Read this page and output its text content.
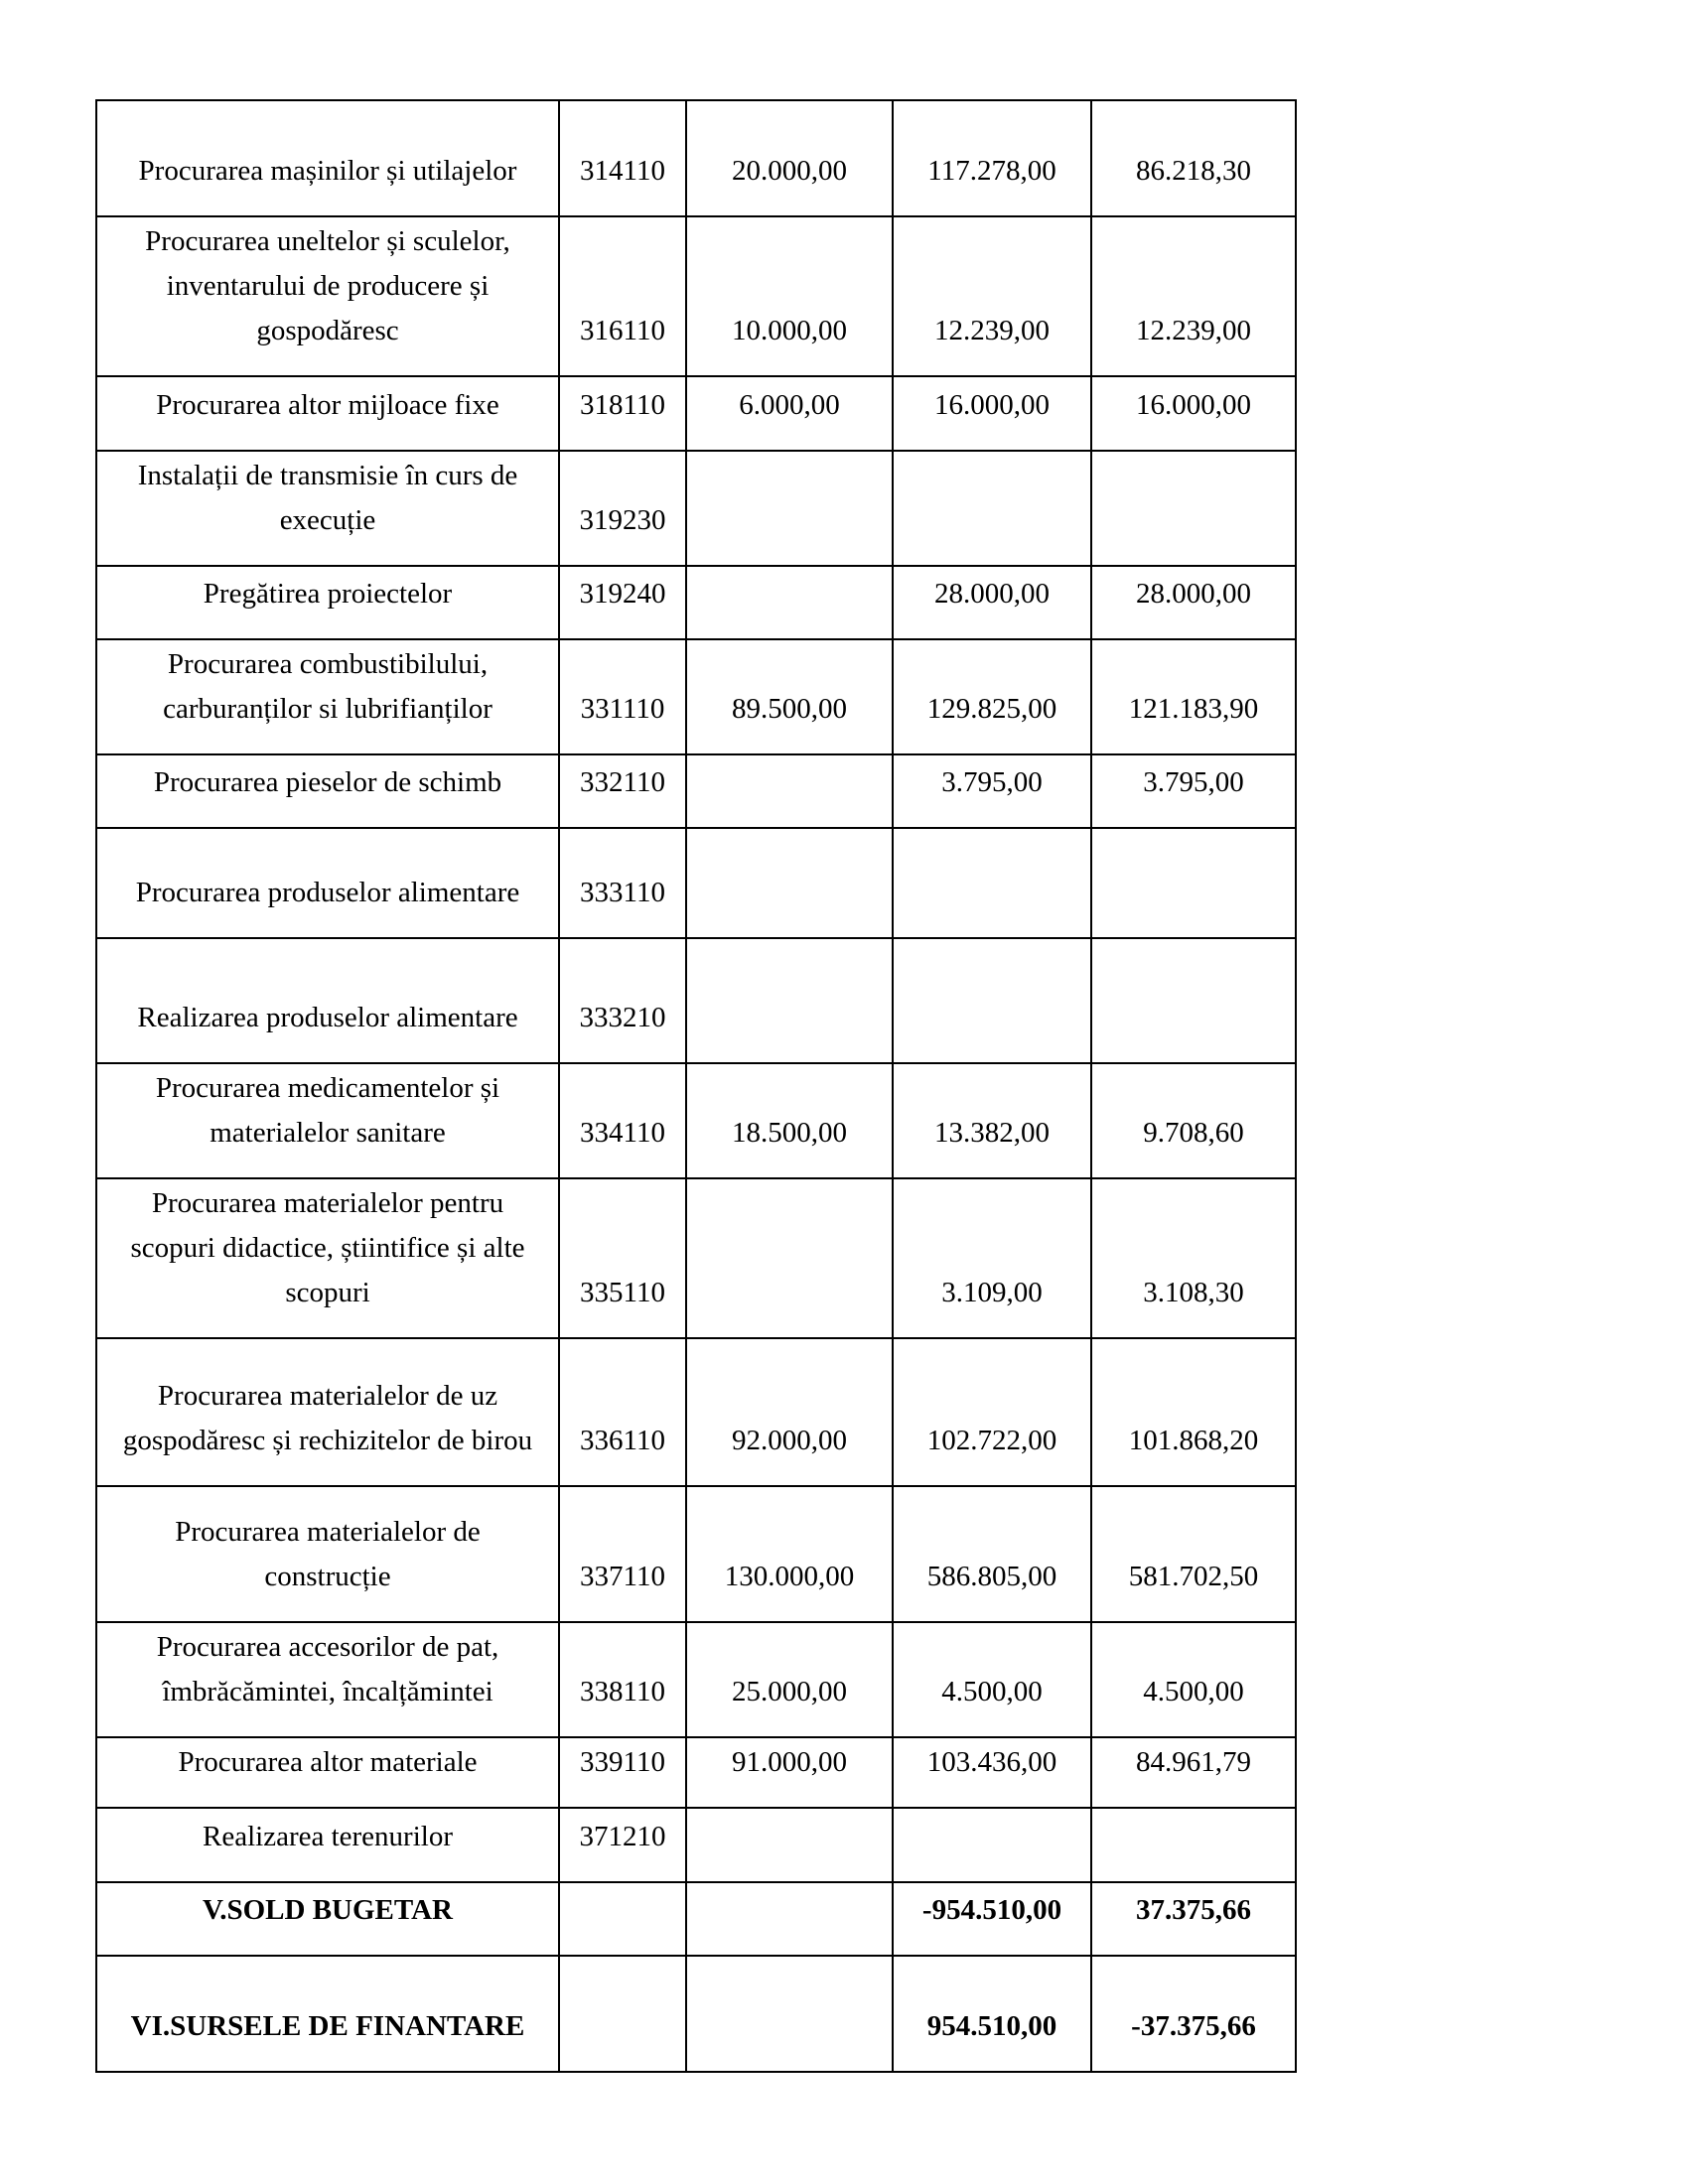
Procurarea mașinilor și utilajelor	314110	20.000,00	117.278,00	86.218,30
Procurarea uneltelor și sculelor, inventarului de producere și gospodăresc	316110	10.000,00	12.239,00	12.239,00
Procurarea altor mijloace fixe	318110	6.000,00	16.000,00	16.000,00
Instalații de transmisie în curs de execuție	319230			
Pregătirea proiectelor	319240		28.000,00	28.000,00
Procurarea combustibilului, carburanților si lubrifianților	331110	89.500,00	129.825,00	121.183,90
Procurarea pieselor de schimb	332110		3.795,00	3.795,00
Procurarea produselor alimentare	333110			
Realizarea produselor alimentare	333210			
Procurarea medicamentelor și materialelor sanitare	334110	18.500,00	13.382,00	9.708,60
Procurarea materialelor pentru scopuri didactice, știintifice și alte scopuri	335110		3.109,00	3.108,30
Procurarea materialelor de uz gospodăresc și rechizitelor de birou	336110	92.000,00	102.722,00	101.868,20
Procurarea materialelor de construcție	337110	130.000,00	586.805,00	581.702,50
Procurarea accesorilor de pat, îmbrăcămintei, încalțămintei	338110	25.000,00	4.500,00	4.500,00
Procurarea altor materiale	339110	91.000,00	103.436,00	84.961,79
Realizarea terenurilor	371210			
V.SOLD BUGETAR			-954.510,00	37.375,66
VI.SURSELE DE FINANTARE			954.510,00	-37.375,66
